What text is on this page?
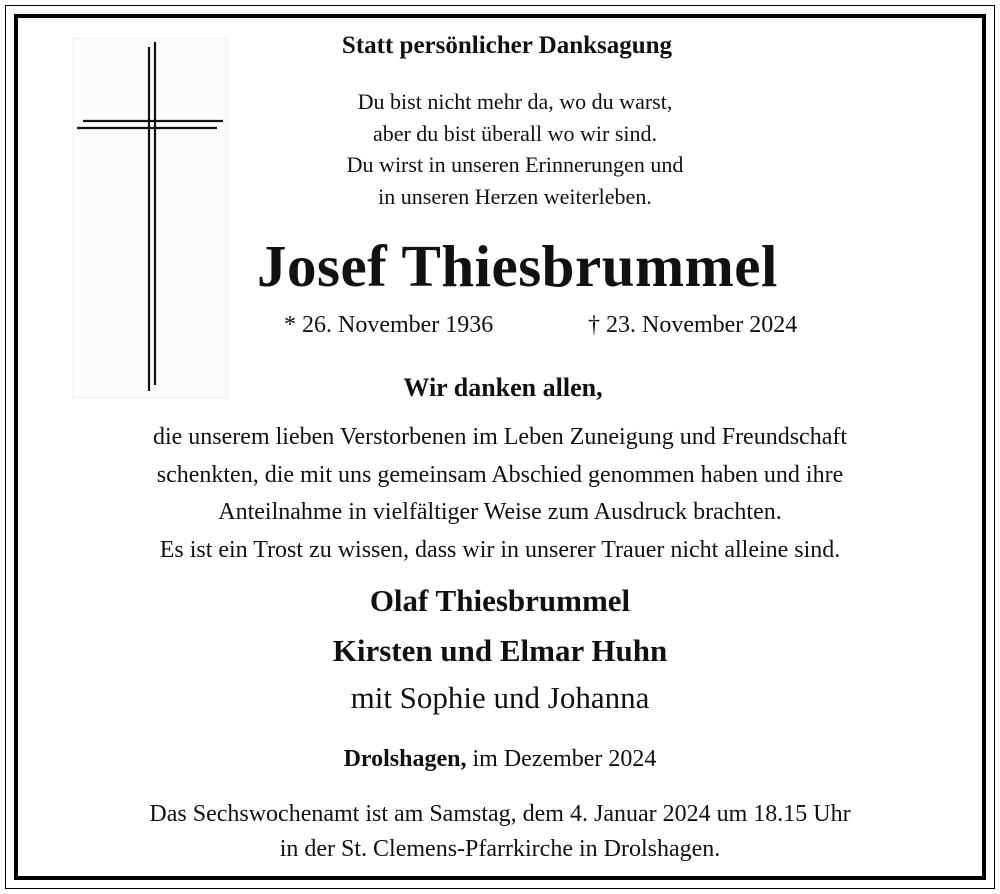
Statt persönlicher Danksagung
Du bist nicht mehr da, wo du warst,
aber du bist überall wo wir sind.
Du wirst in unseren Erinnerungen und
in unseren Herzen weiterleben.
Josef Thiesbrummel
* 26. November 1936	† 23. November 2024
Wir danken allen,
die unserem lieben Verstorbenen im Leben Zuneigung und Freundschaft
schenkten, die mit uns gemeinsam Abschied genommen haben und ihre
Anteilnahme in vielfältiger Weise zum Ausdruck brachten.
Es ist ein Trost zu wissen, dass wir in unserer Trauer nicht alleine sind.
Olaf Thiesbrummel
Kirsten und Elmar Huhn
mit Sophie und Johanna
Drolshagen, im Dezember 2024
Das Sechswochenamt ist am Samstag, dem 4. Januar 2024 um 18.15 Uhr
in der St. Clemens-Pfarrkirche in Drolshagen.
